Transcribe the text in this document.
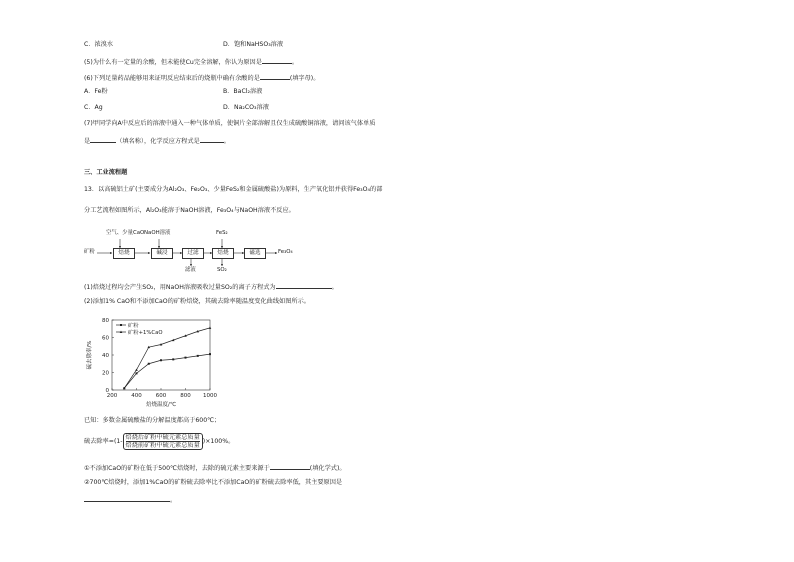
C．浓溴水	D．饱和NaHSO₃溶液
(5)为什么有一定量的余酸，但未能使Cu完全溶解，你认为原因是	。
(6)下列足量药品能够用来证明反应结束后的烧瓶中确有余酸的是	(填字母)。
A．Fe粉	B．BaCl₂溶液
C．Ag	D．Na₂CO₃溶液
(7)甲同学向A中反应后的溶液中通入一种气体单质，使铜片全部溶解且仅生成硫酸铜溶液，请问该气体单质
是	（填名称），化学反应方程式是	。
三、工业流程题
13．以高硫铝土矿(主要成分为Al₂O₃、Fe₂O₃、少量FeS₂和金属硫酸盐)为原料，生产氧化铝并获得Fe₃O₄的部
分工艺流程如图所示，Al₂O₃能溶于NaOH溶液，Fe₃O₄与NaOH溶液不反应。
矿粉
空气、少量CaO NaOH溶液	FeS₂
焙烧	碱浸	过滤	焙烧	磁选
滤液	SO₂
Fe₃O₄
(1)焙烧过程均会产生SO₂，用NaOH溶液吸收过量SO₂的离子方程式为	。
(2)添加1% CaO和不添加CaO的矿粉焙烧，其硫去除率随温度变化曲线如图所示。
200	400	600	800 1000
0
20
40
60
80
焙烧温度/℃
硫去除率/%
矿粉
矿粉+1%CaO
已知：多数金属硫酸盐的分解温度都高于600℃；
硫去除率$=(1- \frac{\text{焙烧后矿粉中硫元素总质量}}{\text{焙烧前矿粉中硫元素总质量}} )\times 100\%$。
①不添加CaO的矿粉在低于500℃焙烧时，去除的硫元素主要来源于	(填化学式)。
②700℃焙烧时，添加1%CaO的矿粉硫去除率比不添加CaO的矿粉硫去除率低，其主要原因是
。
